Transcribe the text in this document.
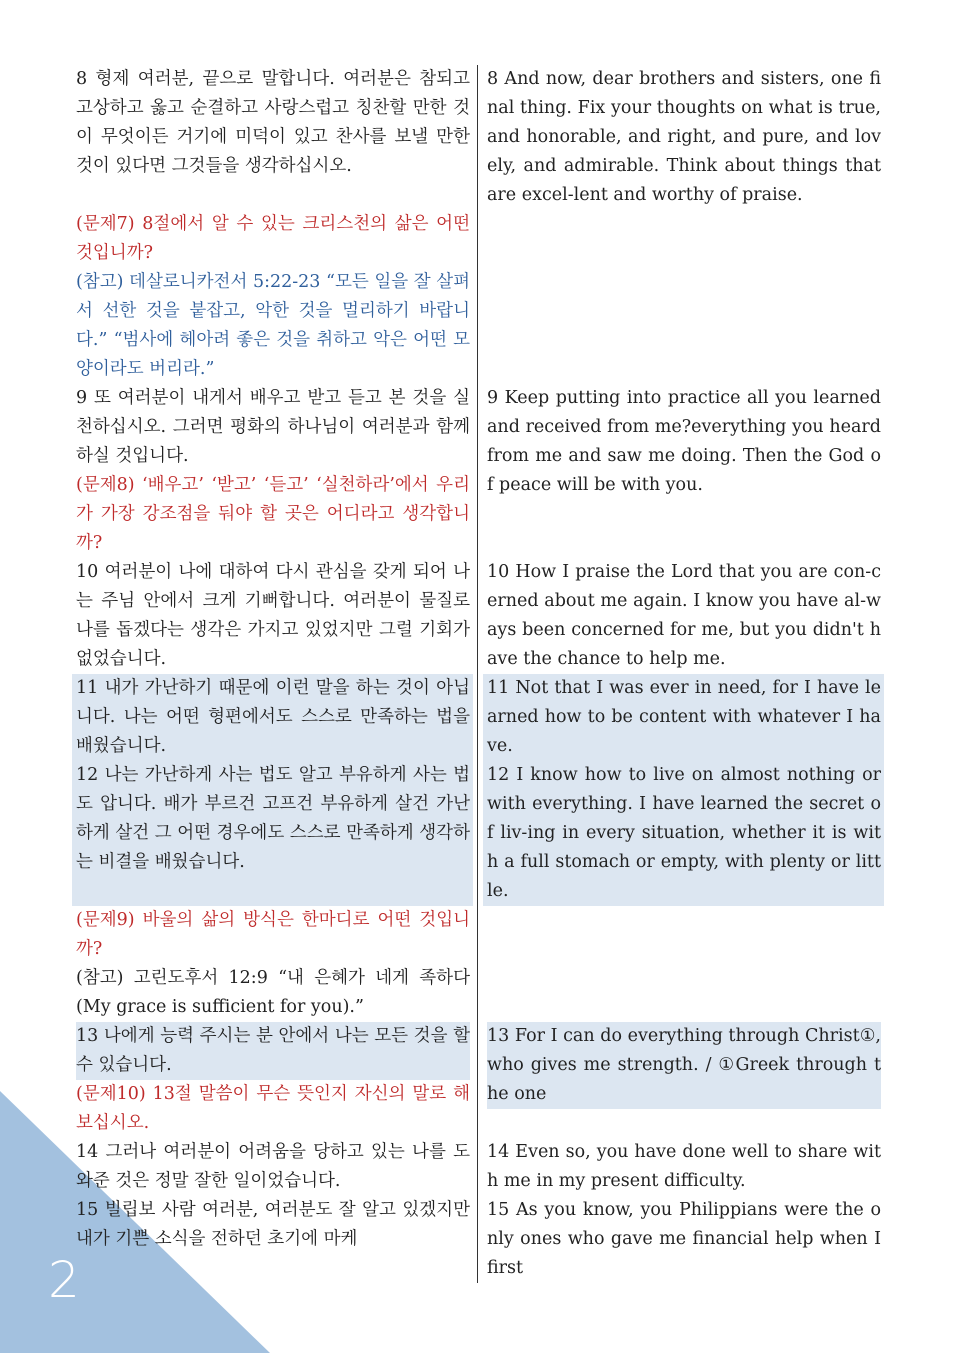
2
8 형제 여러분, 끝으로 말합니다. 여러분은 참되고 고상하고 옳고 순결하고 사랑스럽고 칭찬할 만한 것이 무엇이든 거기에 미덕이 있고 찬사를 보낼 만한 것이 있다면 그것들을 생각하십시오.
8 And now, dear brothers and sisters, one final thing. Fix your thoughts on what is true, and honorable, and right, and pure, and lovely, and admirable. Think about things that are excel-lent and worthy of praise.
(문제7) 8절에서 알 수 있는 크리스천의 삶은 어떤 것입니까?
(참고) 데살로니카전서 5:22-23 “모든 일을 잘 살펴서 선한 것을 붙잡고, 악한 것을 멀리하기 바랍니다.” “범사에 헤아려 좋은 것을 취하고 악은 어떤 모양이라도 버리라.”
9 또 여러분이 내게서 배우고 받고 듣고 본 것을 실천하십시오. 그러면 평화의 하나님이 여러분과 함께하실 것입니다.
(문제8) ‘배우고’ ‘받고’ ‘듣고’ ‘실천하라’에서 우리가 가장 강조점을 둬야 할 곳은 어디라고 생각합니까?
9 Keep putting into practice all you learned and received from me?everything you heard from me and saw me doing. Then the God of peace will be with you.
10 여러분이 나에 대하여 다시 관심을 갖게 되어 나는 주님 안에서 크게 기뻐합니다. 여러분이 물질로 나를 돕겠다는 생각은 가지고 있었지만 그럴 기회가 없었습니다.
10 How I praise the Lord that you are con-cerned about me again. I know you have al-ways been concerned for me, but you didn't have the chance to help me.
11 내가 가난하기 때문에 이런 말을 하는 것이 아닙니다. 나는 어떤 형편에서도 스스로 만족하는 법을 배웠습니다.
12 나는 가난하게 사는 법도 알고 부유하게 사는 법도 압니다. 배가 부르건 고프건 부유하게 살건 가난하게 살건 그 어떤 경우에도 스스로 만족하게 생각하는 비결을 배웠습니다.
11 Not that I was ever in need, for I have learned how to be content with whatever I have.
12 I know how to live on almost nothing or with everything. I have learned the secret of liv-ing in every situation, whether it is with a full stomach or empty, with plenty or little.
(문제9) 바울의 삶의 방식은 한마디로 어떤 것입니까?
(참고) 고린도후서 12:9 “내 은혜가 네게 족하다 (My grace is sufficient for you).”
13 나에게 능력 주시는 분 안에서 나는 모든 것을 할 수 있습니다.
(문제10) 13절 말씀이 무슨 뜻인지 자신의 말로 해 보십시오.
13 For I can do everything through Christ①, who gives me strength. / ①Greek through the one
14 그러나 여러분이 어려움을 당하고 있는 나를 도와준 것은 정말 잘한 일이었습니다.
14 Even so, you have done well to share with me in my present difficulty.
15 빌립보 사람 여러분, 여러분도 잘 알고 있겠지만 내가 기쁜 소식을 전하던 초기에 마케
15 As you know, you Philippians were the only ones who gave me financial help when I first
